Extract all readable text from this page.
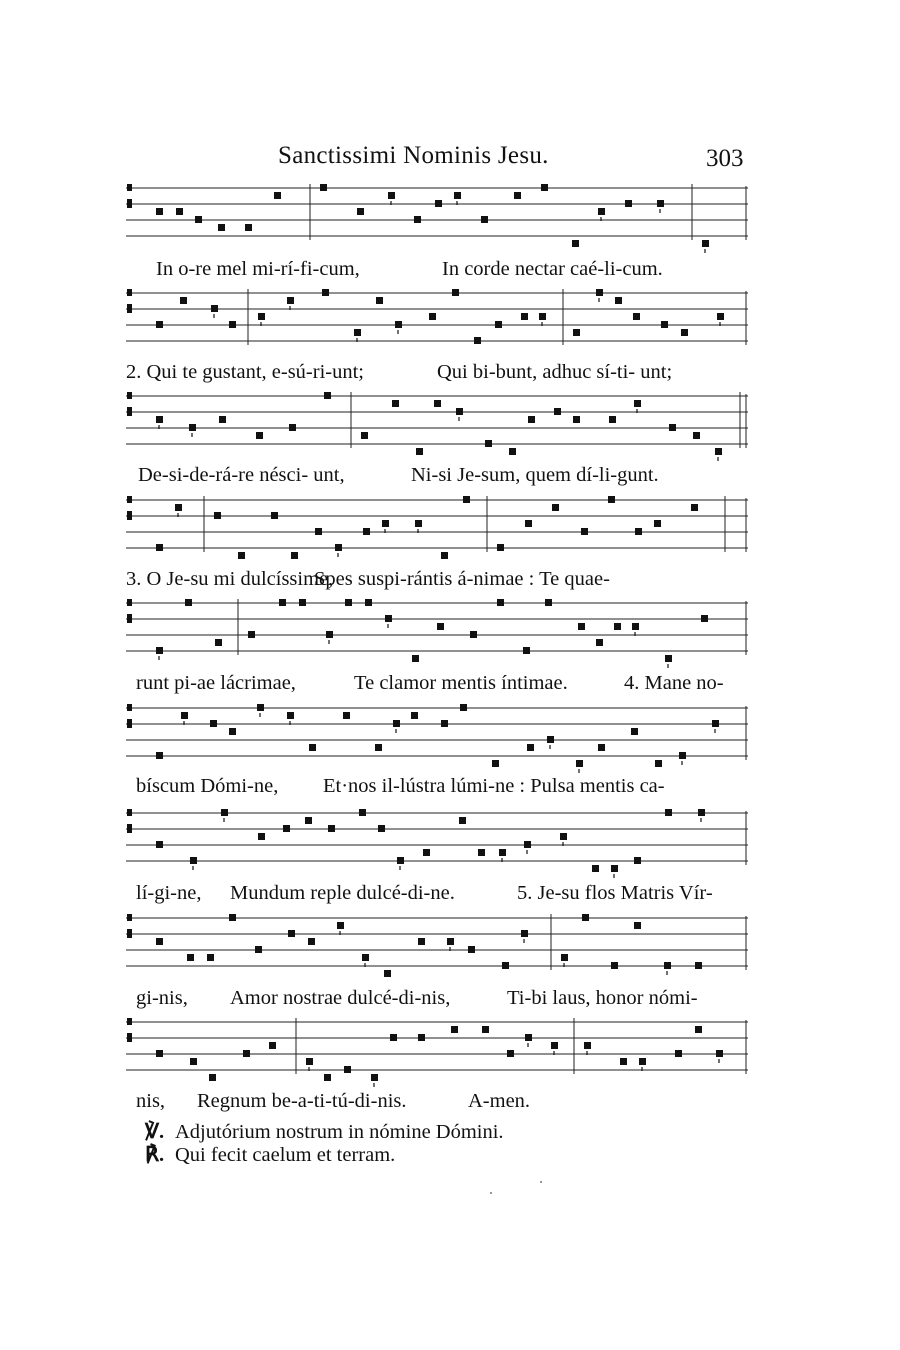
Sanctissimi Nominis Jesu.	303
In o-re mel mi-rí-fi-cum,	In corde nectar caé-li-cum.
2. Qui te gustant, e-sú-ri-unt;	Qui bi-bunt, adhuc sí-ti- unt;
De-si-de-rá-re nésci- unt,	Ni-si Je-sum, quem dí-li-gunt.
3. O Je-su mi dulcíssime,
Spes suspi-rántis á-nimae : Te quae-
runt pi-ae lácrimae,	Te clamor mentis íntimae.	4. Mane no-
bíscum Dómi-ne, Et·nos il-lústra lúmi-ne : Pulsa mentis ca-
lí-gi-ne, Mundum reple dulcé-di-ne.	5. Je-su flos Matris Vír-
gi-nis, Amor nostrae dulcé-di-nis,	Ti-bi laus, honor nómi-
nis, Regnum be-a-ti-tú-di-nis.	A-men.
℣. Adjutórium nostrum in nómine Dómini.
℟. Qui fecit caelum et terram.
